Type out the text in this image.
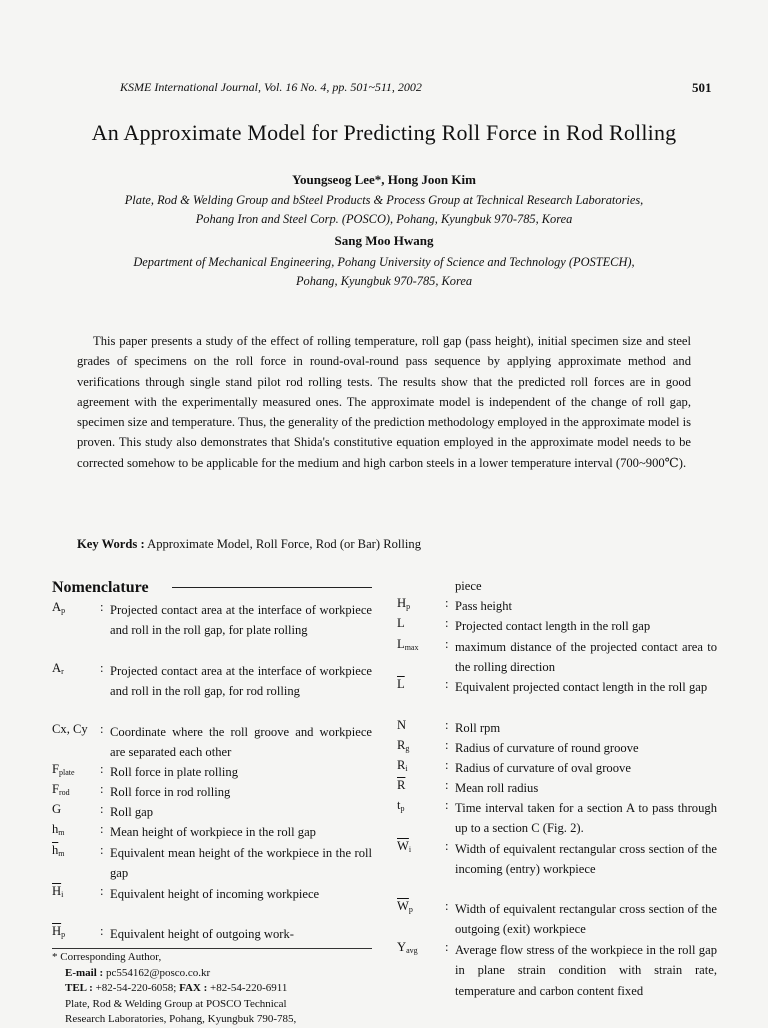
KSME International Journal, Vol. 16 No. 4, pp. 501~511, 2002	501
An Approximate Model for Predicting Roll Force in Rod Rolling
Youngseog Lee*, Hong Joon Kim
Plate, Rod & Welding Group and bSteel Products & Process Group at Technical Research Laboratories,
Pohang Iron and Steel Corp. (POSCO), Pohang, Kyungbuk 970-785, Korea
Sang Moo Hwang
Department of Mechanical Engineering, Pohang University of Science and Technology (POSTECH),
Pohang, Kyungbuk 970-785, Korea

This paper presents a study of the effect of rolling temperature, roll gap (pass height), initial specimen size and steel grades of specimens on the roll force in round-oval-round pass sequence by applying approximate method and verifications through single stand pilot rod rolling tests. The results show that the predicted roll forces are in good agreement with the experimentally measured ones. The approximate model is independent of the change of roll gap, specimen size and temperature. Thus, the generality of the prediction methodology employed in the approximate model is proven. This study also demonstrates that Shida's constitutive equation employed in the approximate model needs to be corrected somehow to be applicable for the medium and high carbon steels in a lower temperature interval (700~900℃).

Key Words : Approximate Model, Roll Force, Rod (or Bar) Rolling
Nomenclature
$A_p$	: Projected contact area at the interface of workpiece and roll in the roll gap, for plate rolling
$A_r$	: Projected contact area at the interface of workpiece and roll in the roll gap, for rod rolling
Cx, Cy : Coordinate where the roll groove and workpiece are separated each other
$F_{plate}$	: Roll force in plate rolling
$F_{rod}$	: Roll force in rod rolling
G	: Roll gap
$h_m$	: Mean height of workpiece in the roll gap
$\overline{h}_m$	: Equivalent mean height of the workpiece in the roll gap
$\overline{H}_i$	: Equivalent height of incoming workpiece
$\overline{H}_p$	: Equivalent height of outgoing work-
* Corresponding Author,
E-mail : pc554162@posco.co.kr
TEL : +82-54-220-6058; FAX : +82-54-220-6911
Plate, Rod & Welding Group at POSCO Technical
Research Laboratories, Pohang, Kyungbuk 790-785,
piece
$H_p$	: Pass height
L	: Projected contact length in the roll gap
$L_{max}$	: maximum distance of the projected contact area to the rolling direction
$\overline{L}$	: Equivalent projected contact length in the roll gap
N	: Roll rpm
$R_g$	: Radius of curvature of round groove
$R_i$	: Radius of curvature of oval groove
$\overline{R}$	: Mean roll radius
$t_p$	: Time interval taken for a section A to pass through up to a section C (Fig. 2).
$\overline{W}_i$	: Width of equivalent rectangular cross section of the incoming (entry) workpiece
$\overline{W}_p$	: Width of equivalent rectangular cross section of the outgoing (exit) workpiece
$Y_{avg}$	: Average flow stress of the workpiece in the roll gap in plane strain condition with strain rate, temperature and carbon content fixed
